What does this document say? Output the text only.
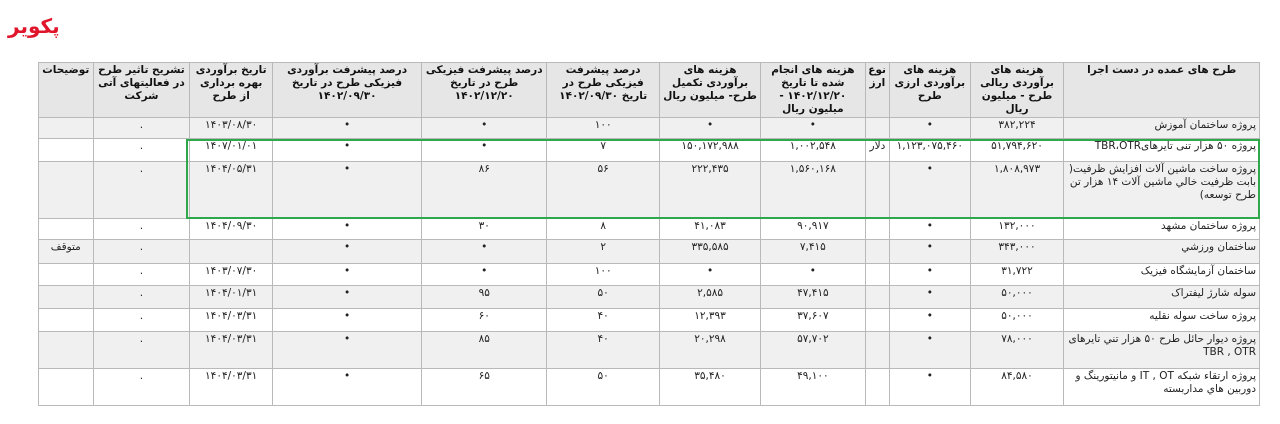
پکویر
طرح های عمده در دست اجرا	هزینه های برآوردی ریالی طرح - میلیون ریال	هزینه های برآوردی ارزی طرح	نوع ارز	هزینه های انجام شده تا تاریخ ۱۴۰۲/۱۲/۲۰ - میلیون ریال	هزینه های برآوردی تکمیل طرح- میلیون ریال	درصد پیشرفت فیزیکی طرح در تاریخ ۱۴۰۲/۰۹/۳۰	درصد پیشرفت فیزیکی طرح در تاریخ ۱۴۰۲/۱۲/۲۰	درصد پیشرفت برآوردی فیزیکی طرح در تاریخ ۱۴۰۲/۰۹/۳۰	تاریخ برآوردی بهره برداری از طرح	تشریح تاثیر طرح در فعالیتهای آتی شرکت	توضیحات
پروژه ساختمان آموزش	۳۸۲,۲۲۴	•		•	•	۱۰۰	•	•	۱۴۰۳/۰۸/۳۰	.	
پروژه ۵۰ هزار تنی تایرهایTBR،OTR	۵۱,۷۹۴,۶۲۰	۱,۱۲۳,۰۷۵,۴۶۰	دلار	۱,۰۰۲,۵۴۸	۱۵۰,۱۷۲,۹۸۸	۷	•	•	۱۴۰۷/۰۱/۰۱	.	
پروژه ساخت ماشین آلات افزایش ظرفیت( بابت ظرفیت خالي ماشین آلات ۱۴ هزار تن طرح توسعه)	۱,۸۰۸,۹۷۳	•		۱,۵۶۰,۱۶۸	۲۲۲,۴۳۵	۵۶	۸۶	•	۱۴۰۴/۰۵/۳۱	.	
پروژه ساختمان مشهد	۱۳۲,۰۰۰	•		۹۰,۹۱۷	۴۱,۰۸۳	۸	۳۰	•	۱۴۰۴/۰۹/۳۰	.	
ساختمان ورزشي	۳۴۳,۰۰۰	•		۷,۴۱۵	۳۳۵,۵۸۵	۲	•	•		.	متوقف
ساختمان آزمایشگاه فیزیک	۳۱,۷۲۲	•		•	•	۱۰۰	•	•	۱۴۰۳/۰۷/۳۰	.	
سوله شارژ لیفتراک	۵۰,۰۰۰	•		۴۷,۴۱۵	۲,۵۸۵	۵۰	۹۵	•	۱۴۰۴/۰۱/۳۱	.	
پروژه ساخت سوله نقلیه	۵۰,۰۰۰	•		۳۷,۶۰۷	۱۲,۳۹۳	۴۰	۶۰	•	۱۴۰۴/۰۳/۳۱	.	
پروژه دیوار حائل طرح ۵۰ هزار تني تایرهای TBR , OTR	۷۸,۰۰۰	•		۵۷,۷۰۲	۲۰,۲۹۸	۴۰	۸۵	•	۱۴۰۴/۰۳/۳۱	.	
پروژه ارتقاء شبکه IT , OT و مانیتورینگ و دوربین هاي مداربسته	۸۴,۵۸۰	•		۴۹,۱۰۰	۳۵,۴۸۰	۵۰	۶۵	•	۱۴۰۴/۰۳/۳۱	.	
